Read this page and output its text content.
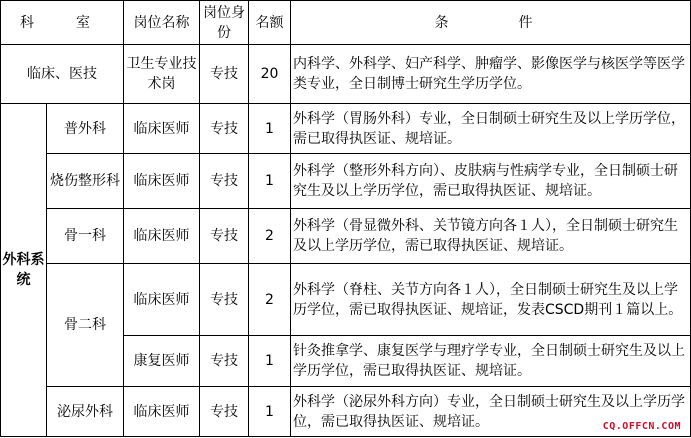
科　室		岗位名称	岗位身份	名额	条　　件
临床、医技		卫生专业技术岗	专技	20	内科学、外科学、妇产科学、肿瘤学、影像医学与核医学等医学类专业，全日制博士研究生学历学位。
外科系统	普外科	临床医师	专技	1	外科学（胃肠外科）专业，全日制硕士研究生及以上学历学位，需已取得执医证、规培证。
	烧伤整形科	临床医师	专技	1	外科学（整形外科方向）、皮肤病与性病学专业，全日制硕士研究生及以上学历学位，需已取得执医证、规培证。
	骨一科	临床医师	专技	2	外科学（骨显微外科、关节镜方向各１人），全日制硕士研究生及以上学历学位，需已取得执医证、规培证。
	骨二科	临床医师	专技	2	外科学（脊柱、关节方向各１人），全日制硕士研究生及以上学历学位，需已取得执医证、规培证，发表CSCD期刊１篇以上。
		康复医师	专技	1	针灸推拿学、康复医学与理疗学专业，全日制硕士研究生及以上学历学位，需已取得执医证、规培证。
	泌尿外科	临床医师	专技	1	外科学（泌尿外科方向）专业，全日制硕士研究生及以上学历学位，需已取得执医证、规培证。	CQ.OFFCN.COM
